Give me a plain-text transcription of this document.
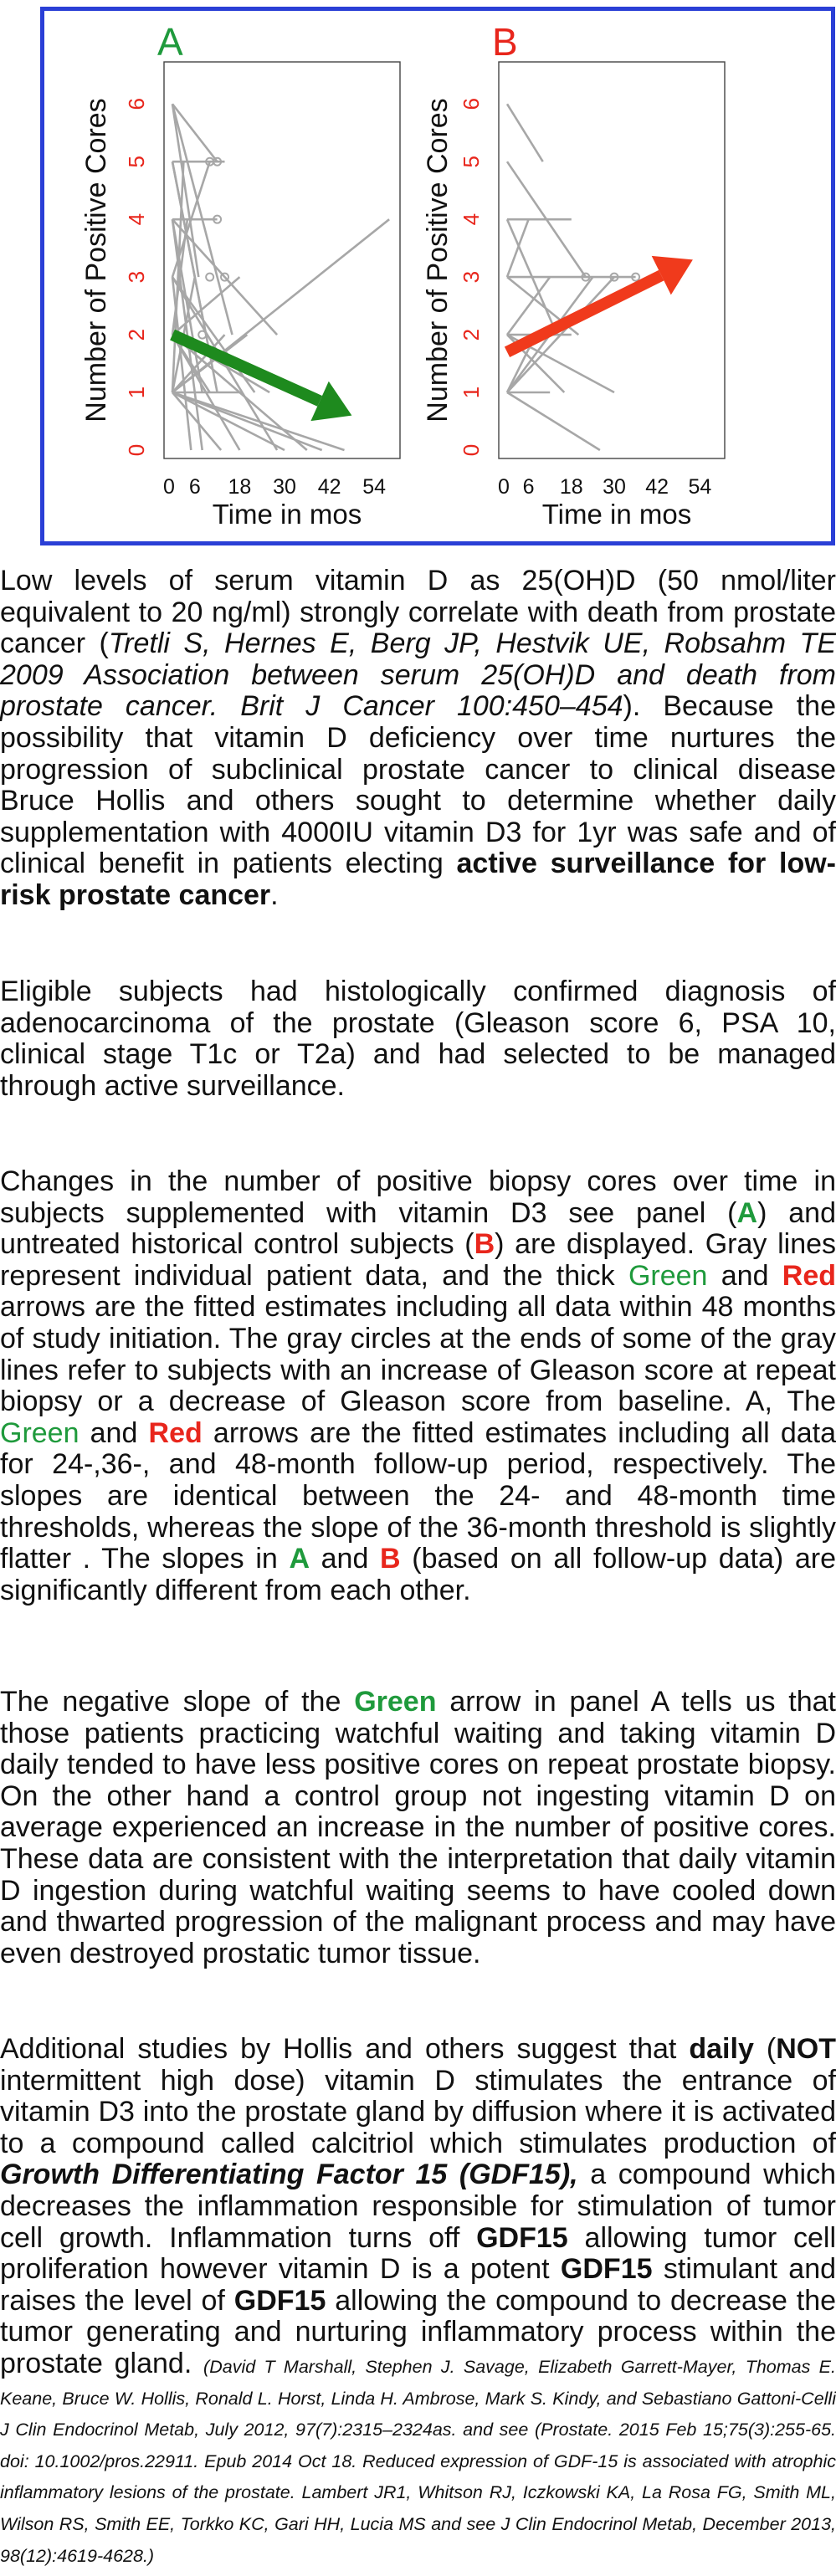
A
0
1
2
3
4
5
6
Number of Positive Cores
0 6 18 30 42 54
Time in mos
B
0
1
2
3
4
5
6
Number of Positive Cores
0 6 18 30 42 54
Time in mos

Low levels of serum vitamin D as 25(OH)D (50 nmol/liter equivalent to 20 ng/ml) strongly correlate with death from prostate cancer (Tretli S, Hernes E, Berg JP, Hestvik UE, Robsahm TE 2009 Association between serum 25(OH)D and death from prostate cancer. Brit J Cancer 100:450–454). Because the possibility that vitamin D deficiency over time nurtures the progression of subclinical prostate cancer to clinical disease Bruce Hollis and others sought to determine whether daily supplementation with 4000IU vitamin D3 for 1yr was safe and of clinical benefit in patients electing active surveillance for low-risk prostate cancer.

Eligible subjects had histologically confirmed diagnosis of adenocarcinoma of the prostate (Gleason score 6, PSA 10, clinical stage T1c or T2a) and had selected to be managed through active surveillance.

Changes in the number of positive biopsy cores over time in subjects supplemented with vitamin D3 see panel (A) and untreated historical control subjects (B) are displayed. Gray lines represent individual patient data, and the thick Green and Red arrows are the fitted estimates including all data within 48 months of study initiation. The gray circles at the ends of some of the gray lines refer to subjects with an increase of Gleason score at repeat biopsy or a decrease of Gleason score from baseline. A, The Green and Red arrows are the fitted estimates including all data for 24-,36-, and 48-month follow-up period, respectively. The slopes are identical between the 24- and 48-month time thresholds, whereas the slope of the 36-month threshold is slightly flatter . The slopes in A and B (based on all follow-up data) are significantly different from each other.

The negative slope of the Green arrow in panel A tells us that those patients practicing watchful waiting and taking vitamin D daily tended to have less positive cores on repeat prostate biopsy. On the other hand a control group not ingesting vitamin D on average experienced an increase in the number of positive cores. These data are consistent with the interpretation that daily vitamin D ingestion during watchful waiting seems to have cooled down and thwarted progression of the malignant process and may have even destroyed prostatic tumor tissue.

Additional studies by Hollis and others suggest that daily (NOT intermittent high dose) vitamin D stimulates the entrance of vitamin D3 into the prostate gland by diffusion where it is activated to a compound called calcitriol which stimulates production of Growth Differentiating Factor 15 (GDF15), a compound which decreases the inflammation responsible for stimulation of tumor cell growth. Inflammation turns off GDF15 allowing tumor cell proliferation however vitamin D is a potent GDF15 stimulant and raises the level of GDF15 allowing the compound to decrease the tumor generating and nurturing inflammatory process within the prostate gland. (David T Marshall, Stephen J. Savage, Elizabeth Garrett-Mayer, Thomas E. Keane, Bruce W. Hollis, Ronald L. Horst, Linda H. Ambrose, Mark S. Kindy, and Sebastiano Gattoni-Celli J Clin Endocrinol Metab, July 2012, 97(7):2315–2324as. and see (Prostate. 2015 Feb 15;75(3):255-65. doi: 10.1002/pros.22911. Epub 2014 Oct 18. Reduced expression of GDF-15 is associated with atrophic inflammatory lesions of the prostate. Lambert JR1, Whitson RJ, Iczkowski KA, La Rosa FG, Smith ML, Wilson RS, Smith EE, Torkko KC, Gari HH, Lucia MS and see J Clin Endocrinol Metab, December 2013, 98(12):4619-4628.)
